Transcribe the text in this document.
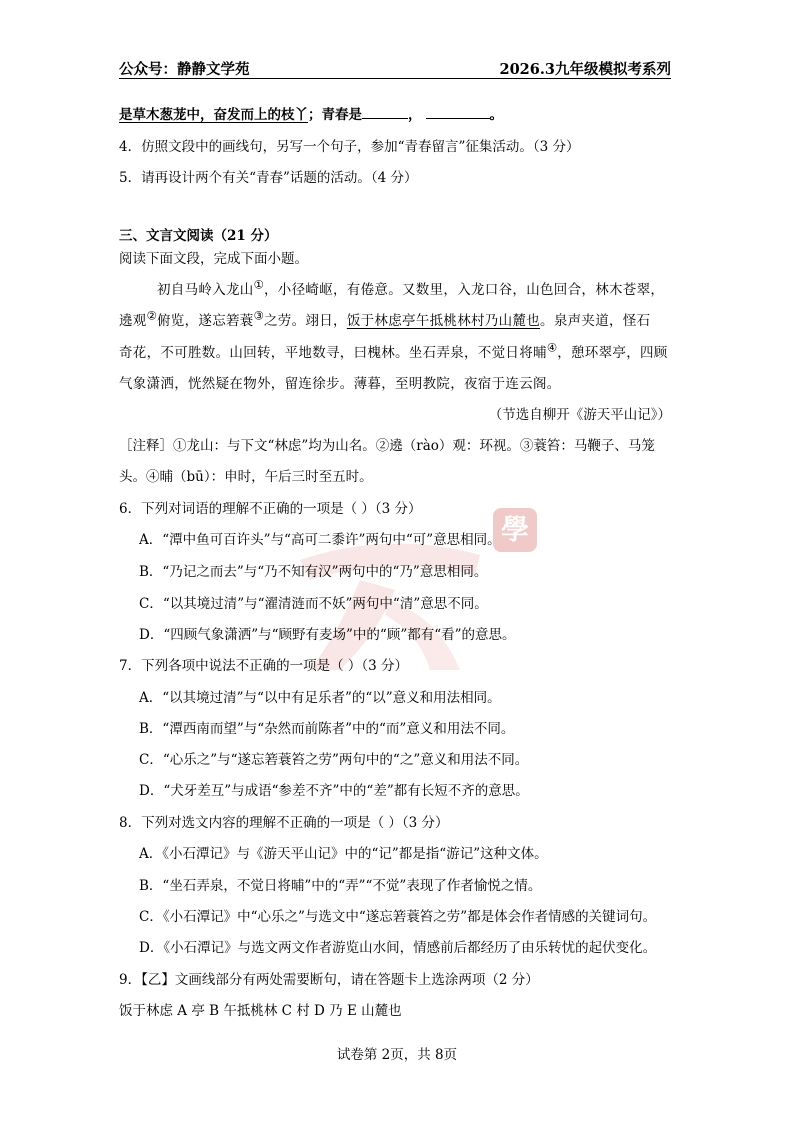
公众号：静静文学苑	2026.3九年级模拟考系列
是草木葱茏中，奋发而上的枝丫；青春是	，	。
4．仿照文段中的画线句，另写一个句子，参加“青春留言”征集活动。（3 分）
5．请再设计两个有关“青春”话题的活动。（4 分）
三、文言文阅读（21 分）
阅读下面文段，完成下面小题。
初自马岭入龙山①，小径崎岖，有倦意。又数里，入龙口谷，山色回合，林木苍翠，
遶观②俯览，遂忘箬蓑③之劳。翊日，饭于林虑亭午抵桃林村乃山麓也。泉声夹道，怪石
奇花，不可胜数。山回转，平地数寻，曰槐林。坐石弄泉，不觉日将晡④，憩环翠亭，四顾
气象潇洒，恍然疑在物外，留连徐步。薄暮，至明教院，夜宿于连云阁。
（节选自柳开《游天平山记》）
［注释］①龙山：与下文“林虑”均为山名。②遶（rào）观：环视。③蓑笞：马鞭子、马笼
头。④晡（bū）：申时，午后三时至五时。
學
6．下列对词语的理解不正确的一项是（ ）（3 分）
A．“潭中鱼可百许头”与“高可二黍许”两句中“可”意思相同。
B．“乃记之而去”与“乃不知有汉”两句中的“乃”意思相同。
C．“以其境过清”与“濯清涟而不妖”两句中“清”意思不同。
D．“四顾气象潇洒”与“顾野有麦场”中的“顾”都有“看”的意思。
7．下列各项中说法不正确的一项是（ ）（3 分）
A．“以其境过清”与“以中有足乐者”的“以”意义和用法相同。
B．“潭西南而望”与“杂然而前陈者”中的“而”意义和用法不同。
C．“心乐之”与“遂忘箬蓑笞之劳”两句中的“之”意义和用法不同。
D．“犬牙差互”与成语“参差不齐”中的“差”都有长短不齐的意思。
8．下列对选文内容的理解不正确的一项是（ ）（3 分）
A．《小石潭记》与《游天平山记》中的“记”都是指“游记”这种文体。
B．“坐石弄泉，不觉日将晡”中的“弄”“不觉”表现了作者愉悦之情。
C．《小石潭记》中“心乐之”与选文中“遂忘箬蓑笞之劳”都是体会作者情感的关键词句。
D．《小石潭记》与选文两文作者游览山水间，情感前后都经历了由乐转忧的起伏变化。
9．【乙】文画线部分有两处需要断句，请在答题卡上选涂两项（2 分）
饭于林虑 A 亭 B 午抵桃林 C 村 D 乃 E 山麓也
试卷第 2页，共 8页
